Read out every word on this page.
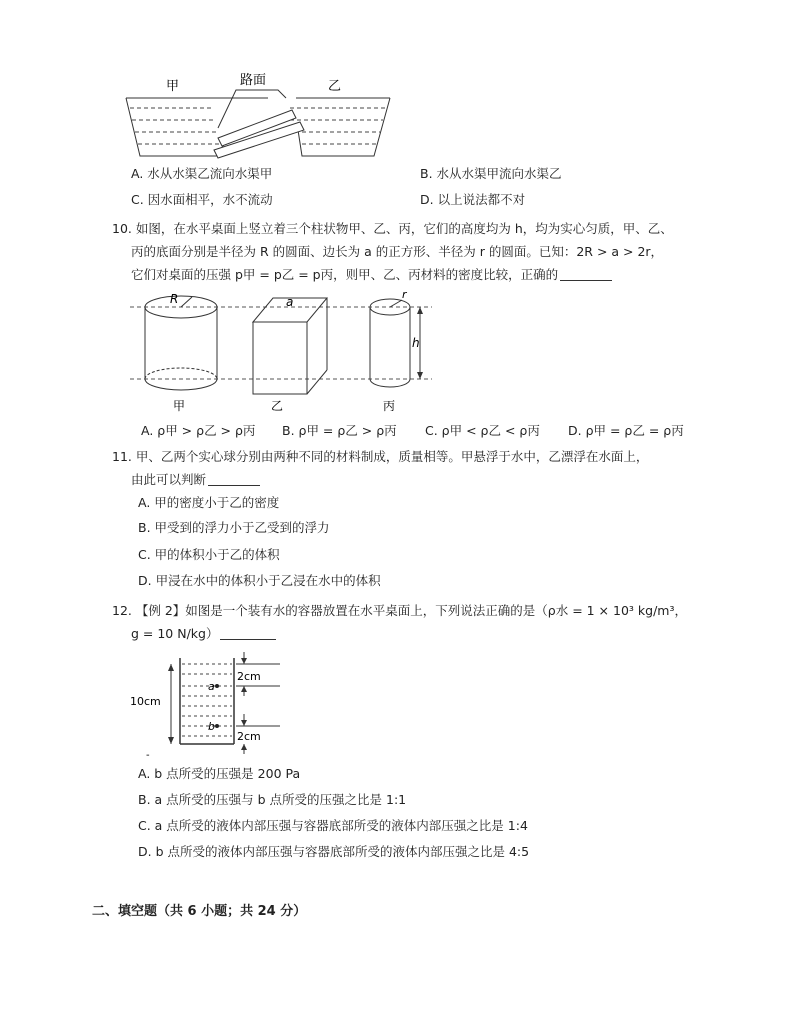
甲	路面	乙
A. 水从水渠乙流向水渠甲	B. 水从水渠甲流向水渠乙
C. 因水面相平，水不流动	D. 以上说法都不对
10. 如图，在水平桌面上竖立着三个柱状物甲、乙、丙，它们的高度均为 h，均为实心匀质，甲、乙、
丙的底面分别是半径为 R 的圆面、边长为 a 的正方形、半径为 r 的圆面。已知：2R > a > 2r，
它们对桌面的压强 p甲 = p乙 = p丙，则甲、乙、丙材料的密度比较，正确的
R	a
r
h
甲	乙	丙
A. ρ甲 > ρ乙 > ρ丙 B. ρ甲 = ρ乙 > ρ丙 C. ρ甲 < ρ乙 < ρ丙 D. ρ甲 = ρ乙 = ρ丙
11. 甲、乙两个实心球分别由两种不同的材料制成，质量相等。甲悬浮于水中，乙漂浮在水面上，
由此可以判断
A. 甲的密度小于乙的密度
B. 甲受到的浮力小于乙受到的浮力
C. 甲的体积小于乙的体积
D. 甲浸在水中的体积小于乙浸在水中的体积
12. 【例 2】如图是一个装有水的容器放置在水平桌面上，下列说法正确的是（ρ水 = 1 × 10³ kg/m³，
g = 10 N/kg）
10cm
a
b
2cm
2cm
-
A. b 点所受的压强是 200 Pa
B. a 点所受的压强与 b 点所受的压强之比是 1:1
C. a 点所受的液体内部压强与容器底部所受的液体内部压强之比是 1:4
D. b 点所受的液体内部压强与容器底部所受的液体内部压强之比是 4:5
二、填空题（共 6 小题；共 24 分）
